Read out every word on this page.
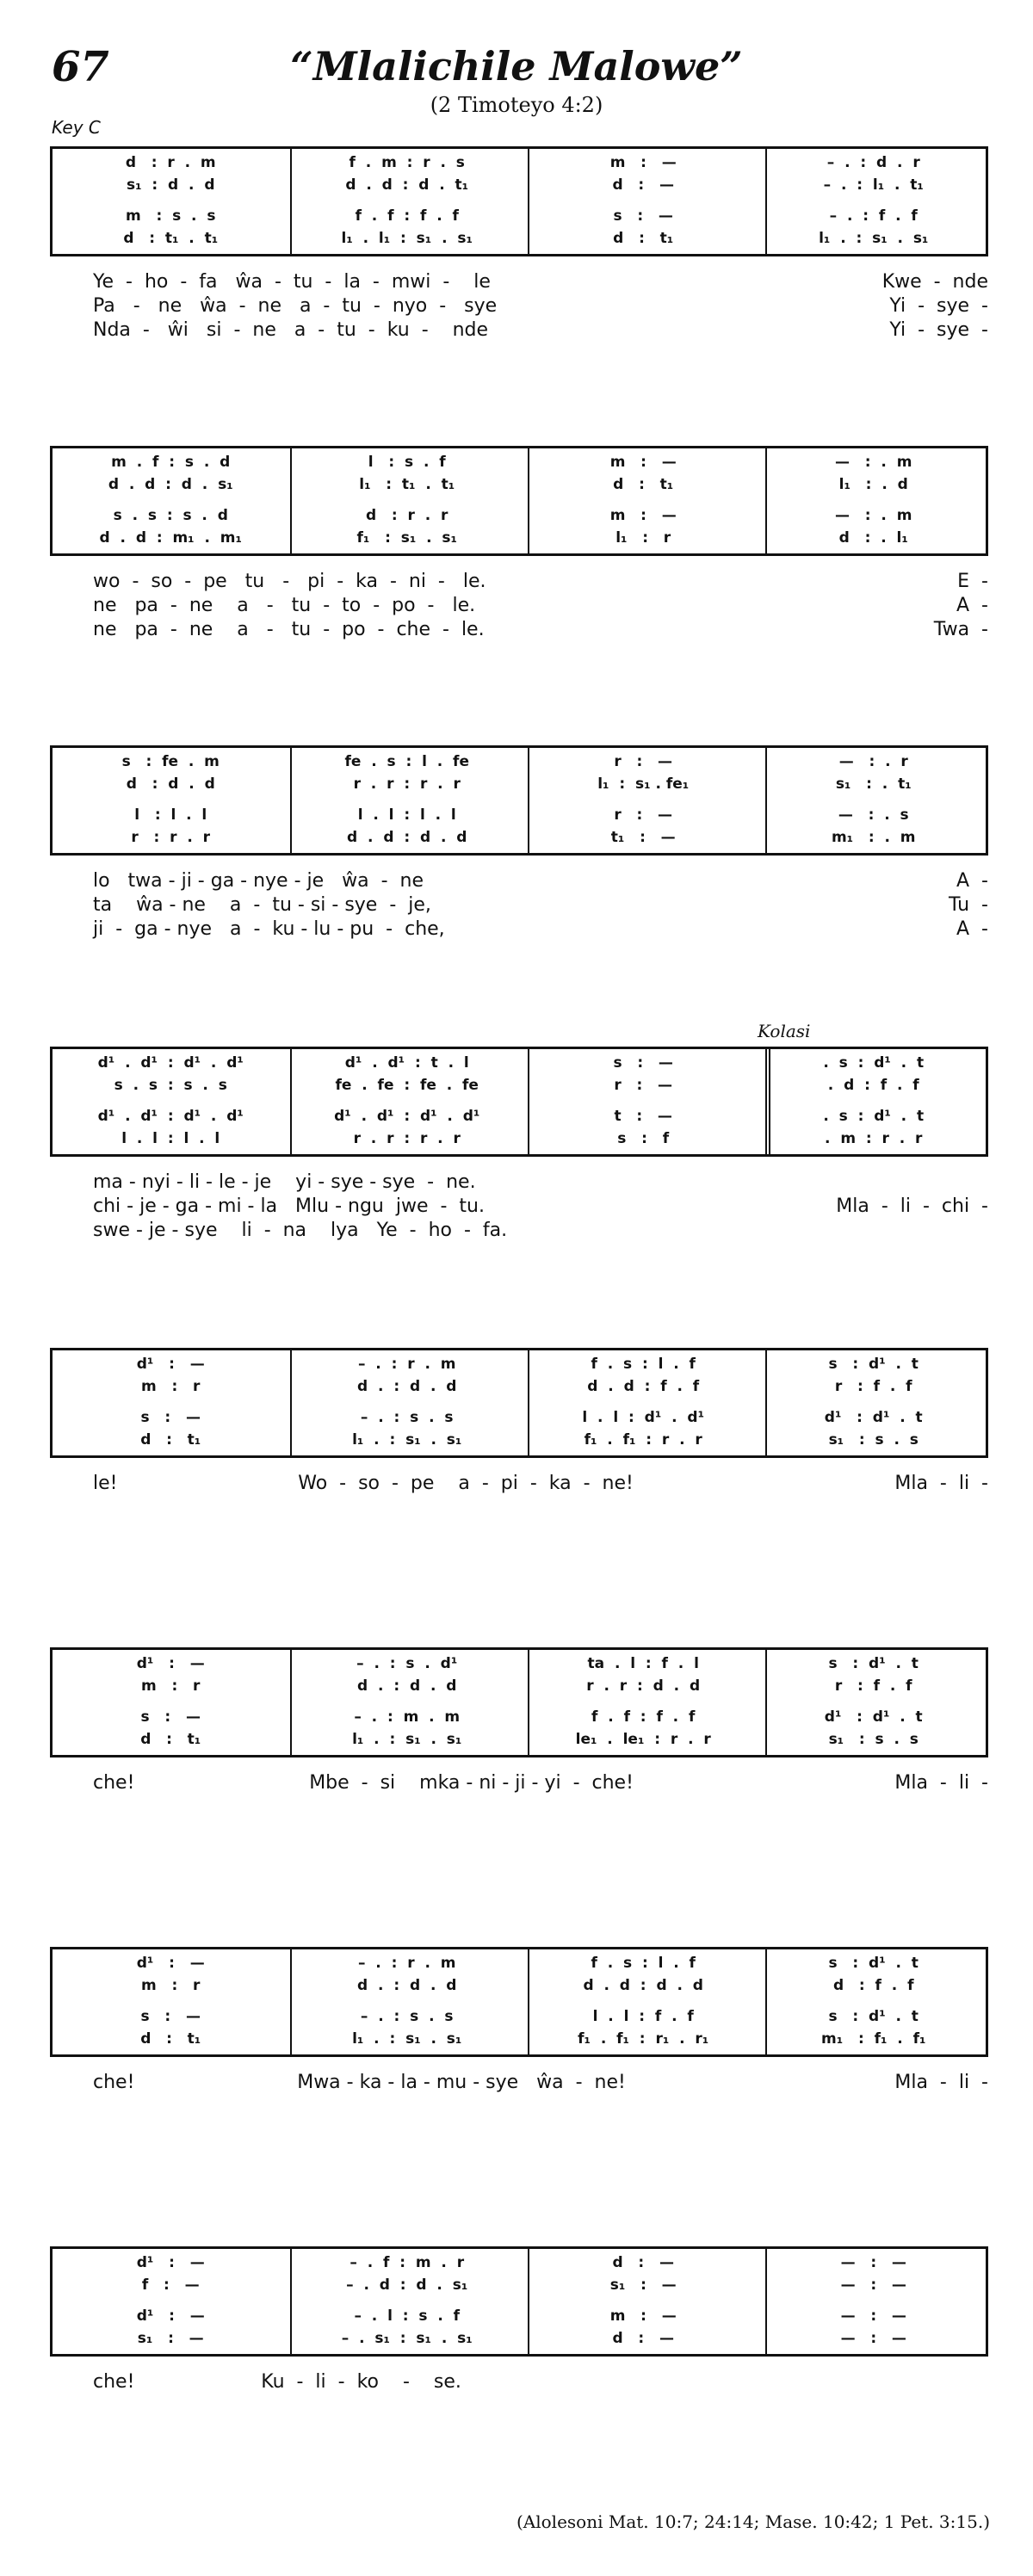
67	“Mlalichile Malowe”
(2 Timoteyo 4:2)
Key C
Kolasi
d   :  r  .  m	f  .  m  :  r  .  s	m   :   —	–  .  :  d  .  r
s₁  :  d  .  d	d  .  d  :  d  .  t₁	d   :   —	–  .  :  l₁  .  t₁
m   :  s  .  s	f  .  f  :  f  .  f	s   :   —	–  .  :  f  .  f
d   :  t₁  .  t₁	l₁  .  l₁  :  s₁  .  s₁	d   :   t₁	l₁  .  :  s₁  .  s₁
Ye  -  ho  -  fa   ŵa  -  tu  -  la  -  mwi  -    le	Kwe  -  nde
Pa   -   ne   ŵa  -  ne   a  -  tu  -  nyo  -   sye	Yi  -  sye  -
Nda  -   ŵi   si  -  ne   a  -  tu  -  ku  -    nde	Yi  -  sye  -
m  .  f  :  s  .  d	l   :  s  .  f	m   :   —	—   :  .  m
d  .  d  :  d  .  s₁	l₁   :  t₁  .  t₁	d   :   t₁	l₁   :  .  d
s  .  s  :  s  .  d	d   :  r  .  r	m   :   —	—   :  .  m
d  .  d  :  m₁  .  m₁	f₁   :  s₁  .  s₁	l₁   :   r	d   :  .  l₁
wo  -  so  -  pe   tu   -   pi  -  ka  -  ni  -   le.	E  -
ne   pa  -  ne    a   -   tu  -  to  -  po  -   le.	A  -
ne   pa  -  ne    a   -   tu  -  po  -  che  -  le.	Twa  -
s   :  fe  .  m	fe  .  s  :  l  .  fe	r   :   —	—   :  .  r
d   :  d  .  d	r  .  r  :  r  .  r	l₁  :  s₁ . fe₁	s₁   :  .  t₁
l   :  l  .  l	l  .  l  :  l  .  l	r   :   —	—   :  .  s
r   :  r  .  r	d  .  d  :  d  .  d	t₁   :   —	m₁   :  .  m
lo   twa - ji - ga - nye - je   ŵa  -  ne	A  -
ta    ŵa - ne    a  -  tu - si - sye  -  je,	Tu  -
ji  -  ga - nye   a  -  ku - lu - pu  -  che,	A  -
d¹  .  d¹  :  d¹  .  d¹	d¹  .  d¹  :  t  .  l	s   :   —	.  s  :  d¹  .  t
s  .  s  :  s  .  s	fe  .  fe  :  fe  .  fe	r   :   —	.  d  :  f  .  f
d¹  .  d¹  :  d¹  .  d¹	d¹  .  d¹  :  d¹  .  d¹	t   :   —	.  s  :  d¹  .  t
l  .  l  :  l  .  l	r  .  r  :  r  .  r	s   :   f	.  m  :  r  .  r
ma - nyi - li - le - je    yi - sye - sye  -  ne.
chi - je - ga - mi - la   Mlu - ngu  jwe  -  tu.	Mla  -  li  -  chi  -
swe - je - sye    li  -  na    lya   Ye  -  ho  -  fa.
d¹   :   —	–  .  :  r  .  m	f  .  s  :  l  .  f	s   :  d¹  .  t
m   :   r	d  .  :  d  .  d	d  .  d  :  f  .  f	r   :  f  .  f
s   :   —	–  .  :  s  .  s	l  .  l  :  d¹  .  d¹	d¹   :  d¹  .  t
d   :   t₁	l₁  .  :  s₁  .  s₁	f₁  .  f₁  :  r  .  r	s₁   :  s  .  s
le!                              Wo  -  so  -  pe    a  -  pi  -  ka  -  ne!	Mla  -  li  -
d¹   :   —	–  .  :  s  .  d¹	ta  .  l  :  f  .  l	s   :  d¹  .  t
m   :   r	d  .  :  d  .  d	r  .  r  :  d  .  d	r   :  f  .  f
s   :   —	–  .  :  m  .  m	f  .  f  :  f  .  f	d¹   :  d¹  .  t
d   :   t₁	l₁  .  :  s₁  .  s₁	le₁  .  le₁  :  r  .  r	s₁   :  s  .  s
che!                             Mbe  -  si    mka - ni - ji - yi  -  che!	Mla  -  li  -
d¹   :   —	–  .  :  r  .  m	f  .  s  :  l  .  f	s   :  d¹  .  t
m   :   r	d  .  :  d  .  d	d  .  d  :  d  .  d	d   :  f  .  f
s   :   —	–  .  :  s  .  s	l  .  l  :  f  .  f	s   :  d¹  .  t
d   :   t₁	l₁  .  :  s₁  .  s₁	f₁  .  f₁  :  r₁  .  r₁	m₁   :  f₁  .  f₁
che!                           Mwa - ka - la - mu - sye   ŵa  -  ne!	Mla  -  li  -
d¹   :   —	–  .  f  :  m  .  r	d   :   —	—   :   —
f   :   —	–  .  d  :  d  .  s₁	s₁   :   —	—   :   —
d¹   :   —	–  .  l  :  s  .  f	m   :   —	—   :   —
s₁   :   —	–  .  s₁  :  s₁  .  s₁	d   :   —	—   :   —
che!                     Ku  -  li  -  ko    -    se.
(Alolesoni Mat. 10:7; 24:14; Mase. 10:42; 1 Pet. 3:15.)
